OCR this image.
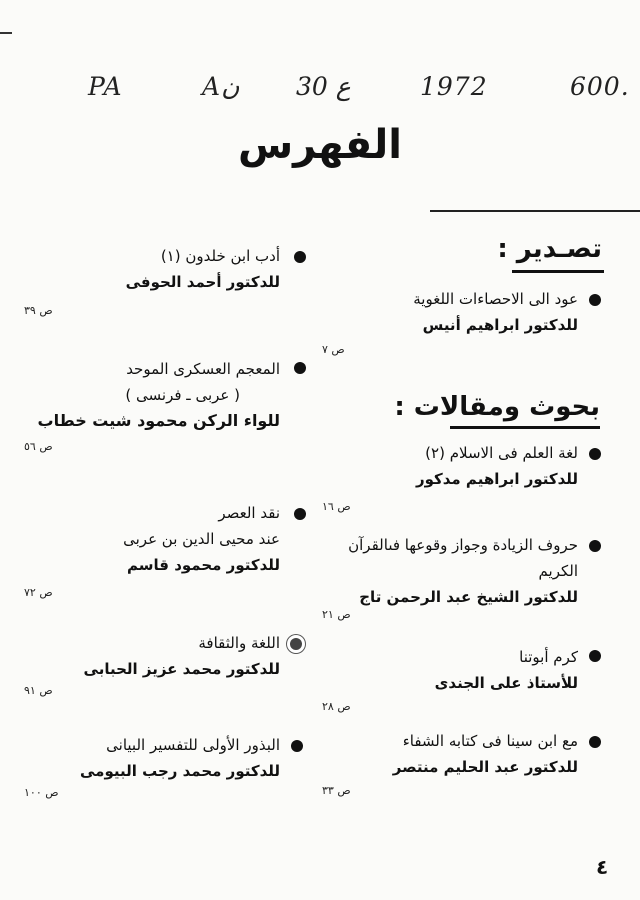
PA	Aن 30 ع	1972	600.
الفهرس
تصـدير :
بحوث ومقالات :
عود الى الاحصاءات اللغوية
للدكتور ابراهيم أنيس
ص ٧
لغة العلم فى الاسلام (٢)
للدكتور ابراهيم مدكور
ص ١٦
حروف الزيادة وجواز وقوعها فىالقرآن
الكريم
للدكتور الشيخ عبد الرحمن تاج
ص ٢١
كرم أبوتنا
للأستاذ على الجندى
ص ٢٨
مع ابن سينا فى كتابه الشفاء
للدكتور عبد الحليم منتصر
ص ٣٣
أدب ابن خلدون (١)
للدكتور أحمد الحوفى
ص ٣٩
المعجم العسكرى الموحد
( عربى ـ فرنسى )
للواء الركن محمود شيت خطاب
ص ٥٦
نقد العصر
عند محيى الدين بن عربى
للدكتور محمود قاسم
ص ٧٢
اللغة والثقافة
للدكتور محمد عزيز الحبابى
ص ٩١
البذور الأولى للتفسير البيانى
للدكتور محمد رجب البيومى
ص ١٠٠
٤
